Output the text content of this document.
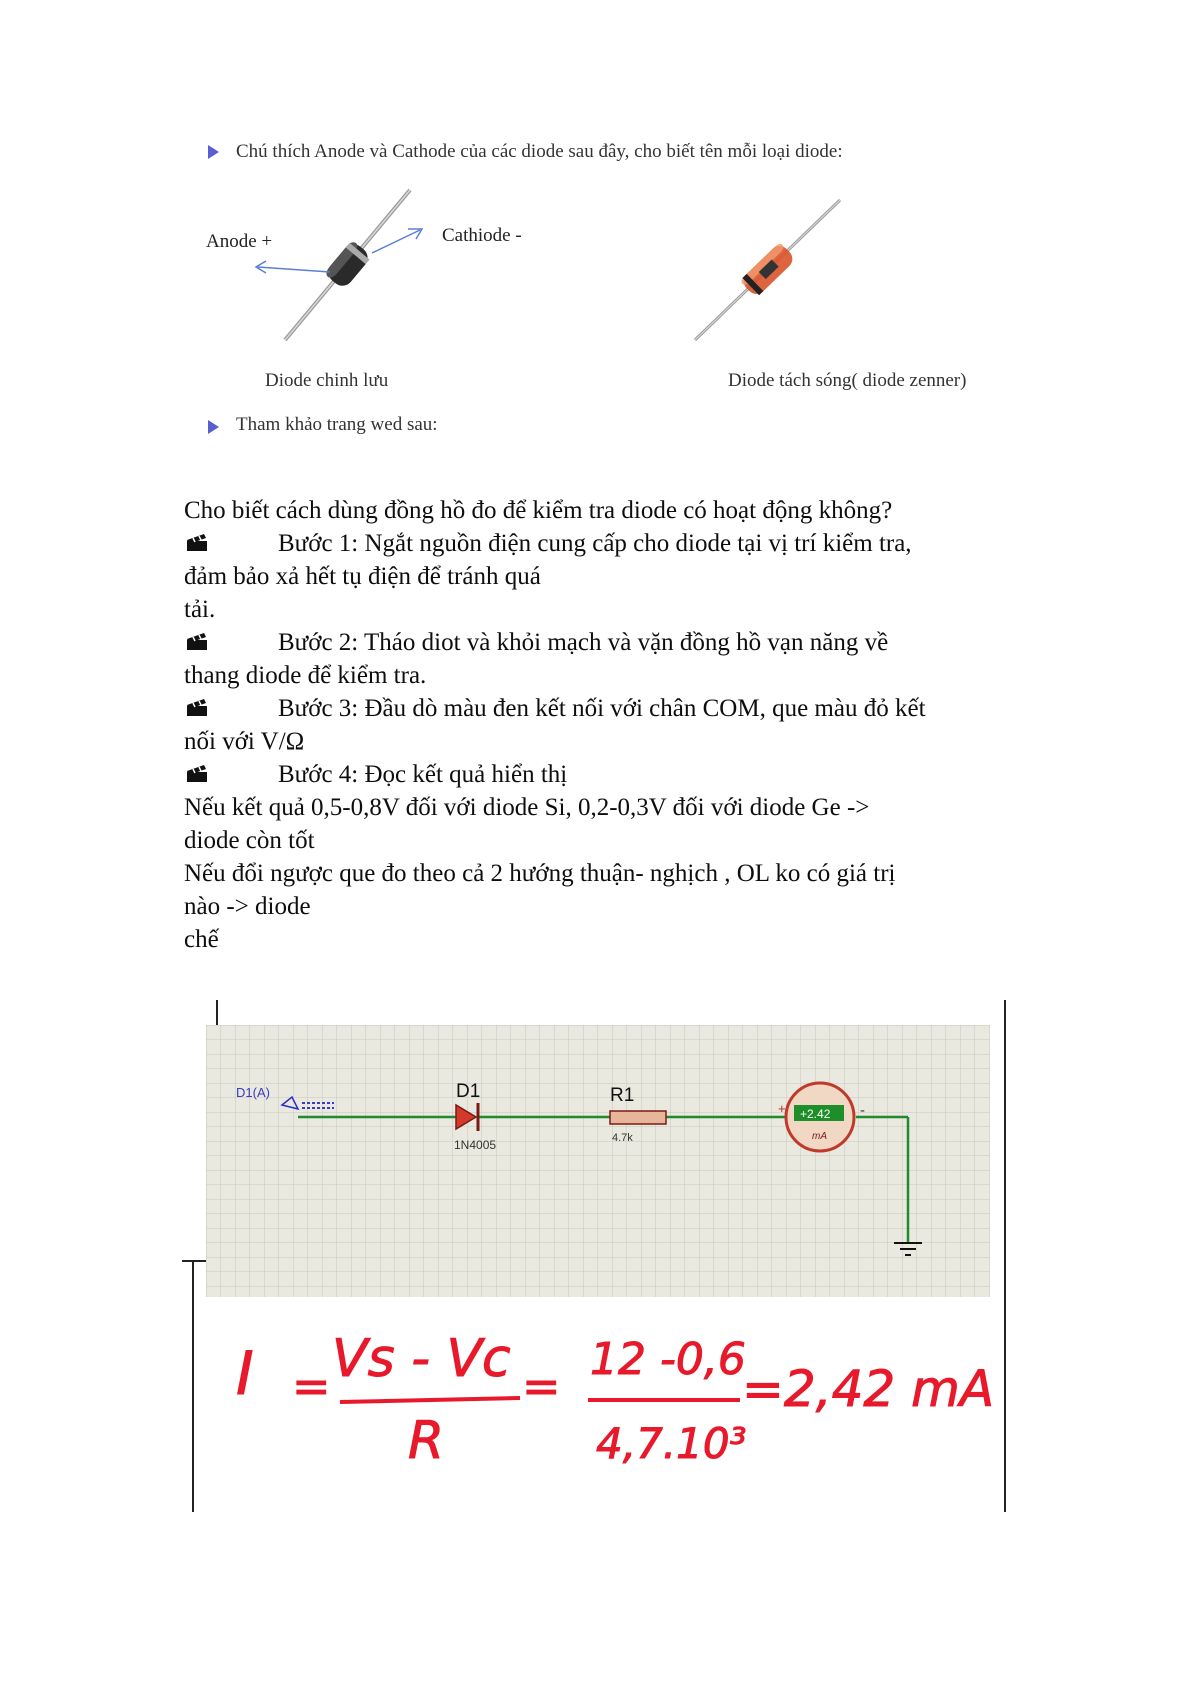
Chú thích Anode và Cathode của các diode sau đây, cho biết tên mỗi loại diode:
Anode +	Cathiode -
Diode chinh lưu	Diode tách sóng( diode zenner)
Tham khảo trang wed sau:
Cho biết cách dùng đồng hồ đo để kiểm tra diode có hoạt động không?
Bước 1: Ngắt nguồn điện cung cấp cho diode tại vị trí kiểm tra,
đảm bảo xả hết tụ điện để tránh quá
tải.
Bước 2: Tháo diot và khỏi mạch và vặn đồng hồ vạn năng về
thang diode để kiểm tra.
Bước 3: Đầu dò màu đen kết nối với chân COM, que màu đỏ kết
nối với V/Ω
Bước 4: Đọc kết quả hiển thị
Nếu kết quả 0,5-0,8V đối với diode Si, 0,2-0,3V đối với diode Ge ->
diode còn tốt
Nếu đổi ngược que đo theo cả 2 hướng thuận- nghịch , OL ko có giá trị
nào -> diode
chế
D1(A)	D1
1N4005
R1
4.7k
+	-
+2.42
mA
I = Vs - Vc
R
= 12 -0,6
4,7.10³
=2,42 mA
